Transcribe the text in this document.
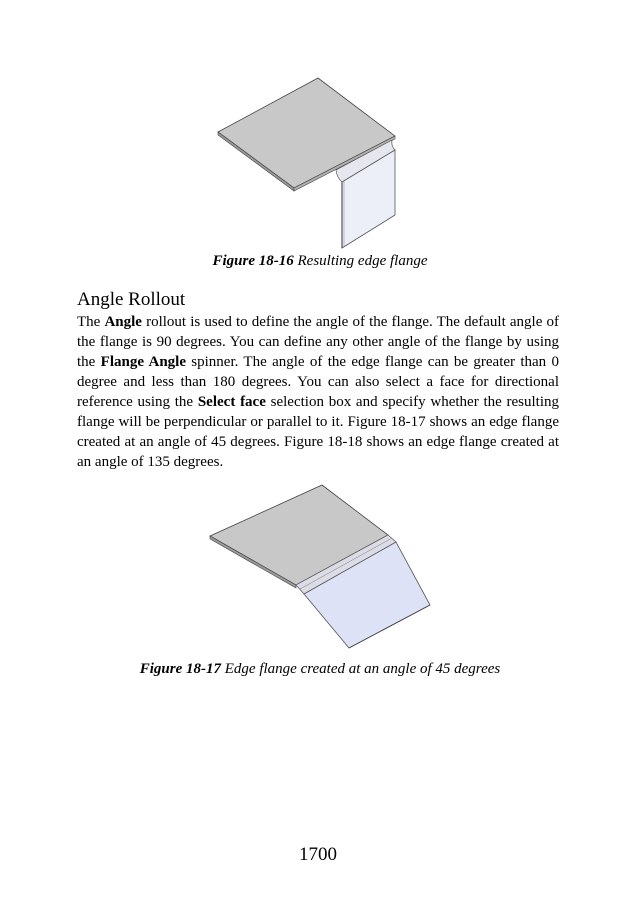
Figure 18-16 Resulting edge flange
Angle Rollout

The Angle rollout is used to define the angle of the flange. The default angle of the flange is 90 degrees. You can define any other angle of the flange by using the Flange Angle spinner. The angle of the edge flange can be greater than 0 degree and less than 180 degrees. You can also select a face for directional reference using the Select face selection box and specify whether the resulting flange will be perpendicular or parallel to it. Figure 18-17 shows an edge flange created at an angle of 45 degrees. Figure 18-18 shows an edge flange created at an angle of 135 degrees.

Figure 18-17 Edge flange created at an angle of 45 degrees
1700
